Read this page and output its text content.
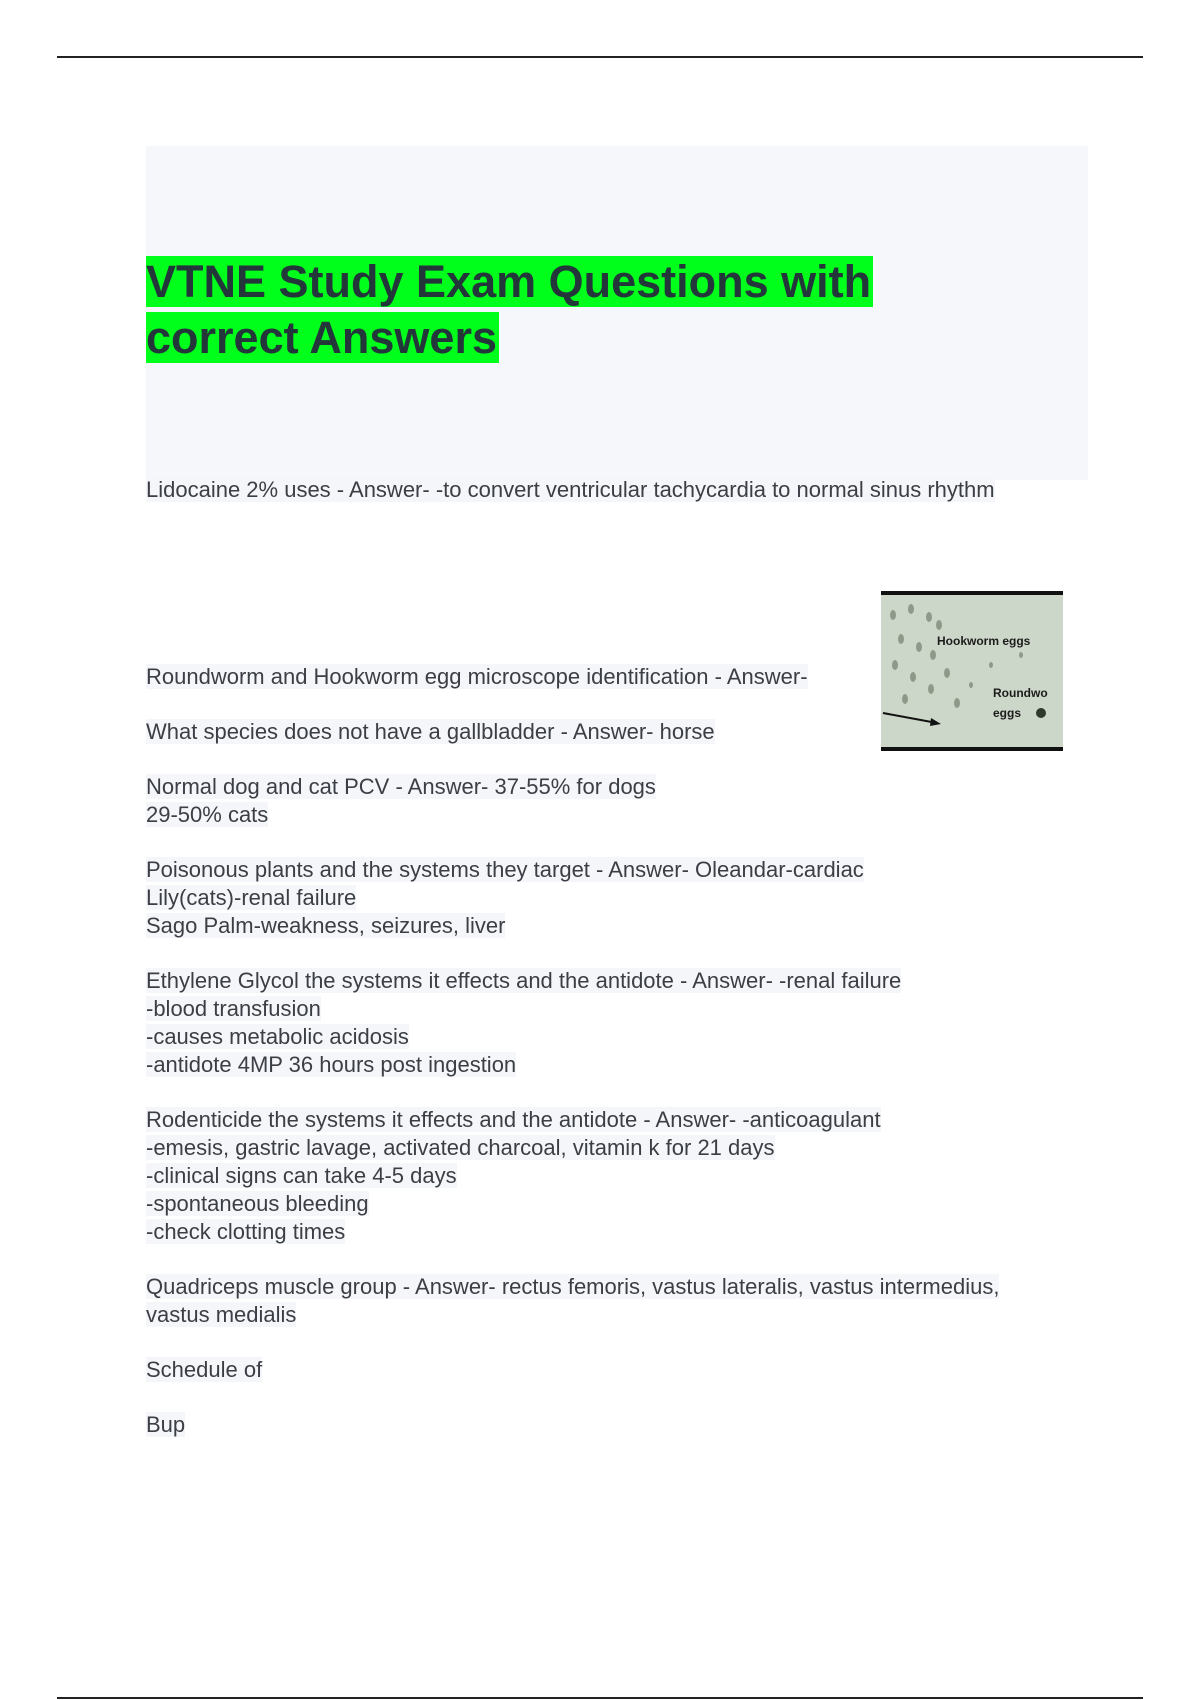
VTNE Study Exam Questions with
correct Answers
Lidocaine 2% uses - Answer- -to convert ventricular tachycardia to normal sinus rhythm
Roundworm and Hookworm egg microscope identification - Answer-
Hookworm eggs
Roundwo
eggs
What species does not have a gallbladder - Answer- horse
Normal dog and cat PCV - Answer- 37-55% for dogs
29-50% cats
Poisonous plants and the systems they target - Answer- Oleandar-cardiac
Lily(cats)-renal failure
Sago Palm-weakness, seizures, liver
Ethylene Glycol the systems it effects and the antidote - Answer- -renal failure
-blood transfusion
-causes metabolic acidosis
-antidote 4MP 36 hours post ingestion
Rodenticide the systems it effects and the antidote - Answer- -anticoagulant
-emesis, gastric lavage, activated charcoal, vitamin k for 21 days
-clinical signs can take 4-5 days
-spontaneous bleeding
-check clotting times
Quadriceps muscle group - Answer- rectus femoris, vastus lateralis, vastus intermedius,
vastus medialis
Schedule of
Bup
